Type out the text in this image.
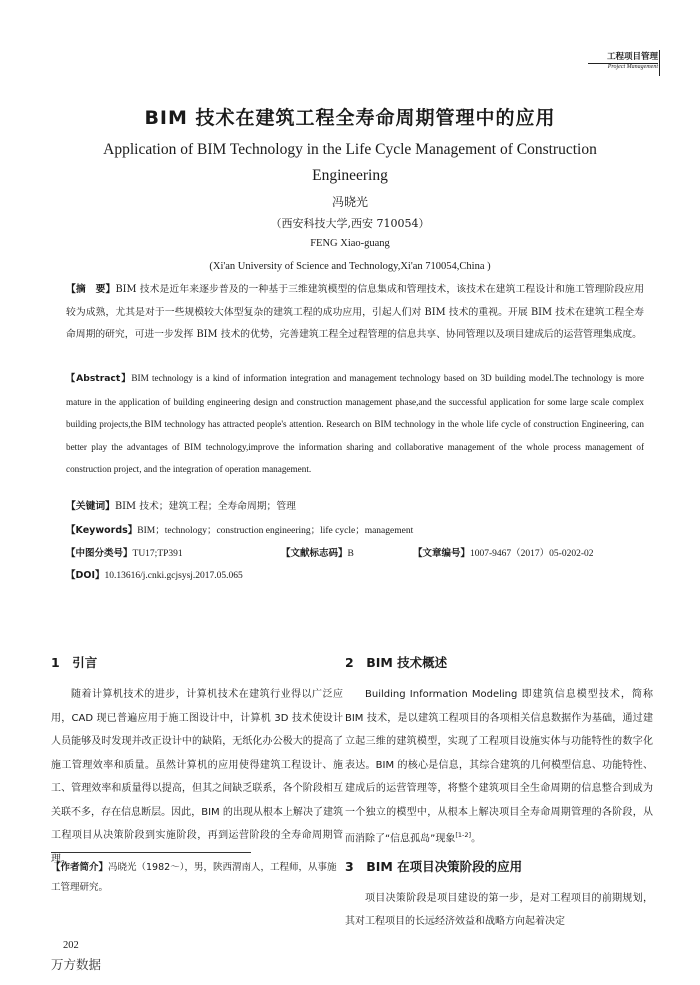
工程项目管理
Project Management
BIM 技术在建筑工程全寿命周期管理中的应用
Application of BIM Technology in the Life Cycle Management of Construction Engineering
冯晓光
（西安科技大学,西安 710054）
FENG Xiao-guang
(Xi'an University of Science and Technology,Xi'an 710054,China )
【摘　要】BIM 技术是近年来逐步普及的一种基于三维建筑模型的信息集成和管理技术，该技术在建筑工程设计和施工管理阶段应用较为成熟，尤其是对于一些规模较大体型复杂的建筑工程的成功应用，引起人们对 BIM 技术的重视。开展 BIM 技术在建筑工程全寿命周期的研究，可进一步发挥 BIM 技术的优势，完善建筑工程全过程管理的信息共享、协同管理以及项目建成后的运营管理集成度。
【Abstract】BIM technology is a kind of information integration and management technology based on 3D building model.The technology is more mature in the application of building engineering design and construction management phase,and the successful application for some large scale complex building projects,the BIM technology has attracted people's attention. Research on BIM technology in the whole life cycle of construction Engineering, can better play the advantages of BIM technology,improve the information sharing and collaborative management of the whole process management of construction project, and the integration of operation management.
【关键词】BIM 技术；建筑工程；全寿命周期；管理
【Keywords】BIM；technology；construction engineering；life cycle；management
【中图分类号】TU17;TP391	【文献标志码】B	【文章编号】1007-9467（2017）05-0202-02
【DOI】10.13616/j.cnki.gcjsysj.2017.05.065
1　引言

随着计算机技术的进步，计算机技术在建筑行业得以广泛应用，CAD 现已普遍应用于施工图设计中，计算机 3D 技术使设计人员能够及时发现并改正设计中的缺陷，无纸化办公极大的提高了施工管理效率和质量。虽然计算机的应用使得建筑工程设计、施工、管理效率和质量得以提高，但其之间缺乏联系，各个阶段相互关联不多，存在信息断层。因此，BIM 的出现从根本上解决了建筑工程项目从决策阶段到实施阶段，再到运营阶段的全寿命周期管理。

2　BIM 技术概述

Building Information Modeling 即建筑信息模型技术，简称 BIM 技术，是以建筑工程项目的各项相关信息数据作为基础，通过建立起三维的建筑模型，实现了工程项目设施实体与功能特性的数字化表达。BIM 的核心是信息，其综合建筑的几何模型信息、功能特性、建成后的运营管理等，将整个建筑项目全生命周期的信息整合到成为一个独立的模型中，从根本上解决项目全寿命周期管理的各阶段，从而消除了“信息孤岛”现象[1-2]。

3　BIM 在项目决策阶段的应用

项目决策阶段是项目建设的第一步，是对工程项目的前期规划，其对工程项目的长远经济效益和战略方向起着决定

【作者简介】冯晓光（1982～），男，陕西渭南人，工程师，从事施工管理研究。
202
万方数据
